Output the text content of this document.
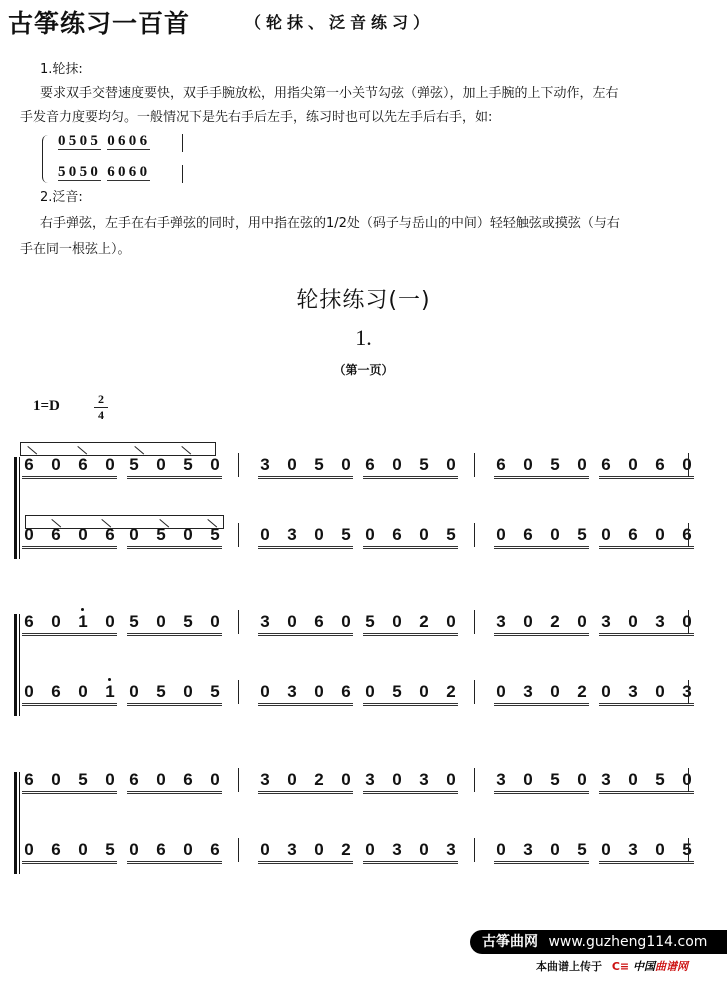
古筝练习一百首	（轮抹、泛音练习）
1.轮抹:
要求双手交替速度要快，双手手腕放松，用指尖第一小关节勾弦（弹弦），加上手腕的上下动作，左右
手发音力度要均匀。一般情况下是先右手后左手，练习时也可以先左手后右手，如:
0505 0606
5050 6060
2.泛音:
右手弹弦，左手在右手弹弦的同时，用中指在弦的1/2处（码子与岳山的中间）轻轻触弦或摸弦（与右
手在同一根弦上）。
轮抹练习(一)
1.
（第一页）
1=D	2
4
6 0 6 0 5 0 5 0 3 0 5 0 6 0 5 0 6 0 5 0 6 0 6 0
0 6 0 6 0 5 0 5 0 3 0 5 0 6 0 5 0 6 0 5 0 6 0 6
6 0 1 0 5 0 5 0 3 0 6 0 5 0 2 0 3 0 2 0 3 0 3 0
0 6 0 1 0 5 0 5 0 3 0 6 0 5 0 2 0 3 0 2 0 3 0 3
6 0 5 0 6 0 6 0 3 0 2 0 3 0 3 0 3 0 5 0 3 0 5 0
0 6 0 5 0 6 0 6 0 3 0 2 0 3 0 3 0 3 0 5 0 3 0 5
古筝曲网 www.guzheng114.com
本曲谱上传于 C≡ 中国曲谱网
